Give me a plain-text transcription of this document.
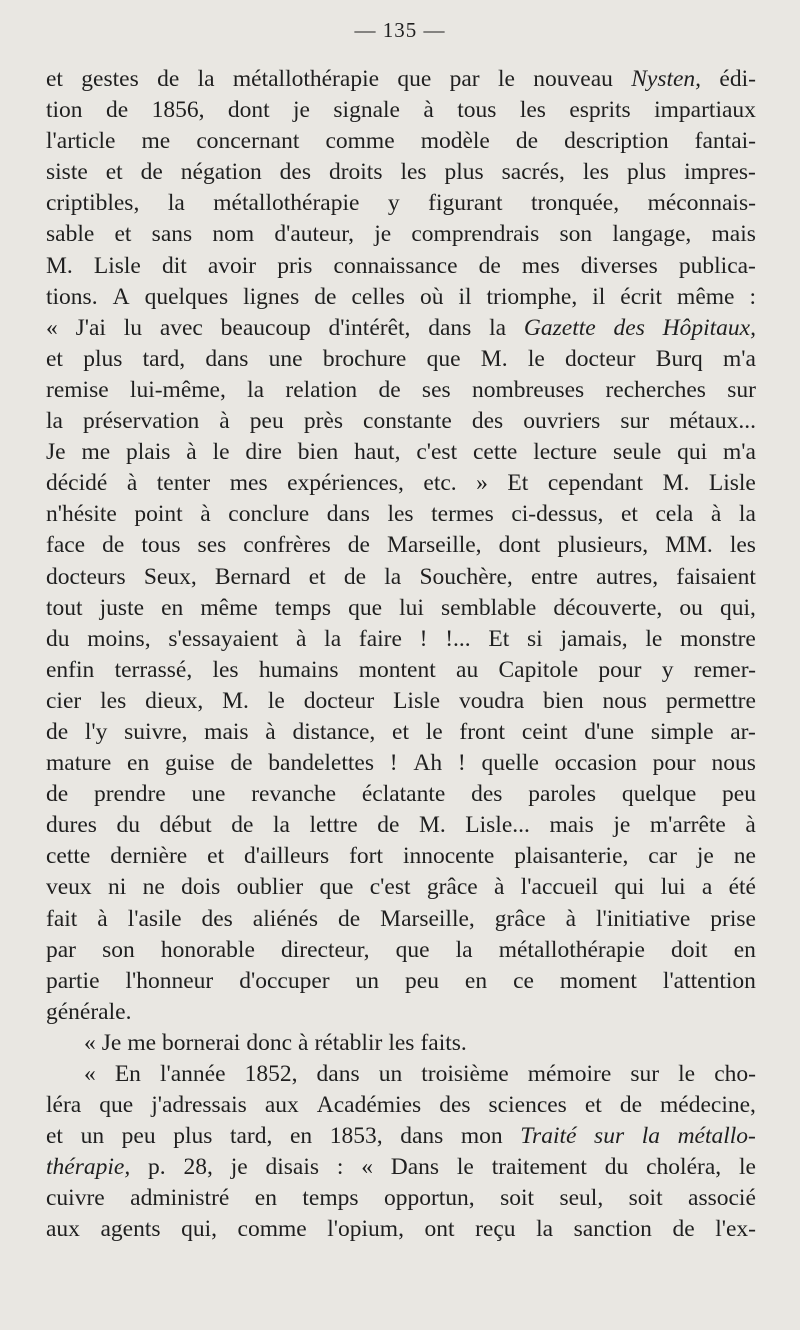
— 135 —
et gestes de la métallothérapie que par le nouveau Nysten, édi-
tion de 1856, dont je signale à tous les esprits impartiaux
l'article me concernant comme modèle de description fantai-
siste et de négation des droits les plus sacrés, les plus impres-
criptibles, la métallothérapie y figurant tronquée, méconnais-
sable et sans nom d'auteur, je comprendrais son langage, mais
M. Lisle dit avoir pris connaissance de mes diverses publica-
tions. A quelques lignes de celles où il triomphe, il écrit même :
« J'ai lu avec beaucoup d'intérêt, dans la Gazette des Hôpitaux,
et plus tard, dans une brochure que M. le docteur Burq m'a
remise lui-même, la relation de ses nombreuses recherches sur
la préservation à peu près constante des ouvriers sur métaux...
Je me plais à le dire bien haut, c'est cette lecture seule qui m'a
décidé à tenter mes expériences, etc. » Et cependant M. Lisle
n'hésite point à conclure dans les termes ci-dessus, et cela à la
face de tous ses confrères de Marseille, dont plusieurs, MM. les
docteurs Seux, Bernard et de la Souchère, entre autres, faisaient
tout juste en même temps que lui semblable découverte, ou qui,
du moins, s'essayaient à la faire ! !... Et si jamais, le monstre
enfin terrassé, les humains montent au Capitole pour y remer-
cier les dieux, M. le docteur Lisle voudra bien nous permettre
de l'y suivre, mais à distance, et le front ceint d'une simple ar-
mature en guise de bandelettes ! Ah ! quelle occasion pour nous
de prendre une revanche éclatante des paroles quelque peu
dures du début de la lettre de M. Lisle... mais je m'arrête à
cette dernière et d'ailleurs fort innocente plaisanterie, car je ne
veux ni ne dois oublier que c'est grâce à l'accueil qui lui a été
fait à l'asile des aliénés de Marseille, grâce à l'initiative prise
par son honorable directeur, que la métallothérapie doit en
partie l'honneur d'occuper un peu en ce moment l'attention
générale.
« Je me bornerai donc à rétablir les faits.
« En l'année 1852, dans un troisième mémoire sur le cho-
léra que j'adressais aux Académies des sciences et de médecine,
et un peu plus tard, en 1853, dans mon Traité sur la métallo-
thérapie, p. 28, je disais : « Dans le traitement du choléra, le
cuivre administré en temps opportun, soit seul, soit associé
aux agents qui, comme l'opium, ont reçu la sanction de l'ex-
